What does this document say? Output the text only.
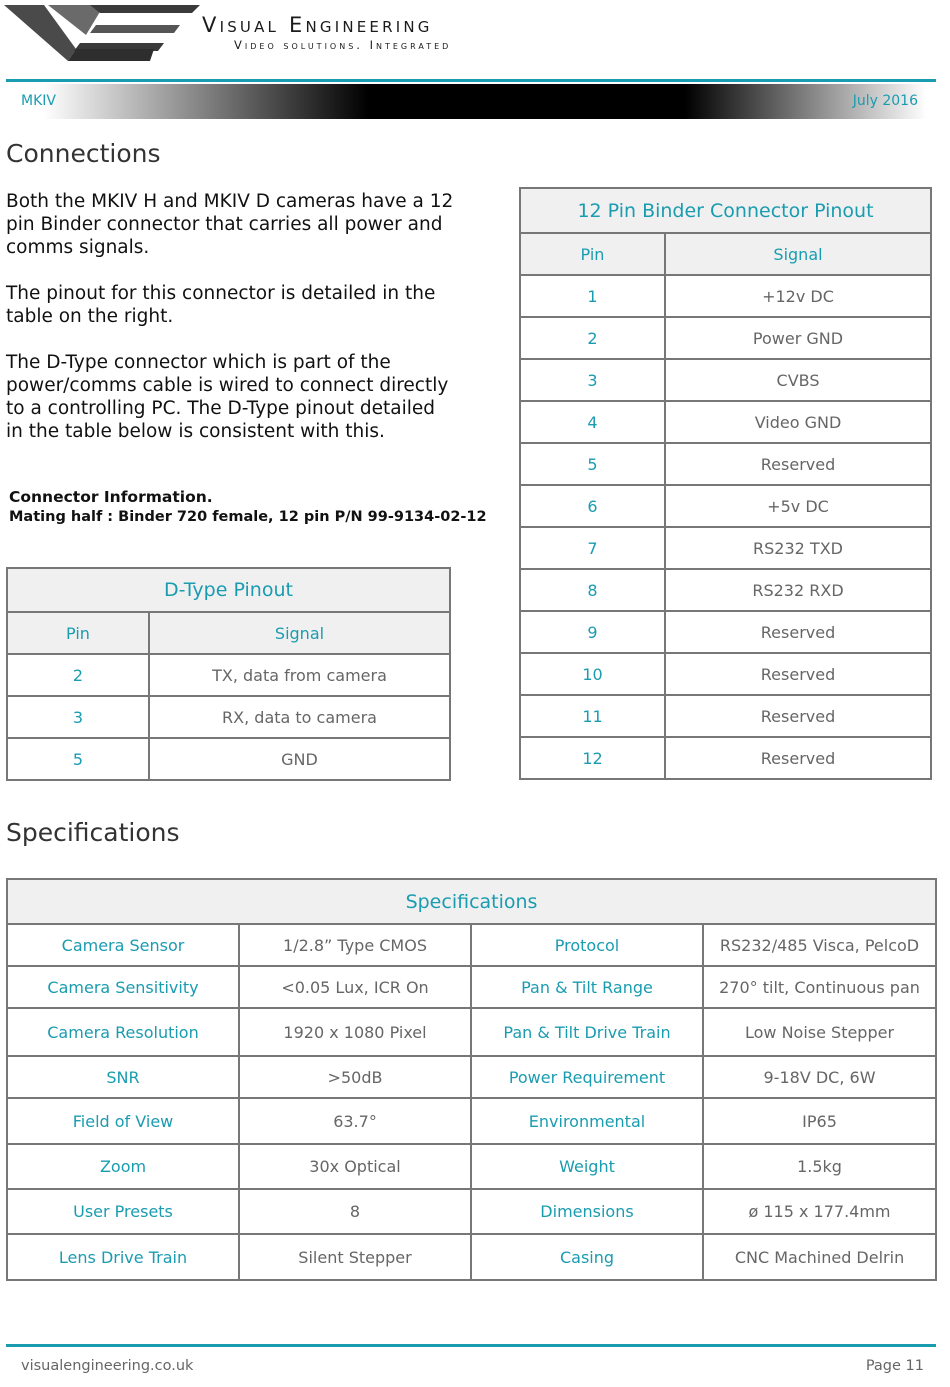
Visual Engineering
Video solutions. Integrated
MKIV	July 2016
Connections

Both the MKIV H and MKIV D cameras have a 12 pin Binder connector that carries all power and comms signals.

The pinout for this connector is detailed in the table on the right.

The D-Type connector which is part of the power/comms cable is wired to connect directly to a controlling PC. The D-Type pinout detailed in the table below is consistent with this.

Connector Information.
Mating half : Binder 720 female, 12 pin P/N 99-9134-02-12
D-Type Pinout	
Pin	Signal
2	TX, data from camera
3	RX, data to camera
5	GND
12 Pin Binder Connector Pinout	
Pin	Signal
1	+12v DC
2	Power GND
3	CVBS
4	Video GND
5	Reserved
6	+5v DC
7	RS232 TXD
8	RS232 RXD
9	Reserved
10	Reserved
11	Reserved
12	Reserved
Specifications
Specifications			
Camera Sensor	1/2.8” Type CMOS	Protocol	RS232/485 Visca, PelcoD
Camera Sensitivity	<0.05 Lux, ICR On	Pan & Tilt Range	270° tilt, Continuous pan
Camera Resolution	1920 x 1080 Pixel	Pan & Tilt Drive Train	Low Noise Stepper
SNR	>50dB	Power Requirement	9-18V DC, 6W
Field of View	63.7°	Environmental	IP65
Zoom	30x Optical	Weight	1.5kg
User Presets	8	Dimensions	ø 115 x 177.4mm
Lens Drive Train	Silent Stepper	Casing	CNC Machined Delrin
visualengineering.co.uk	Page 11
